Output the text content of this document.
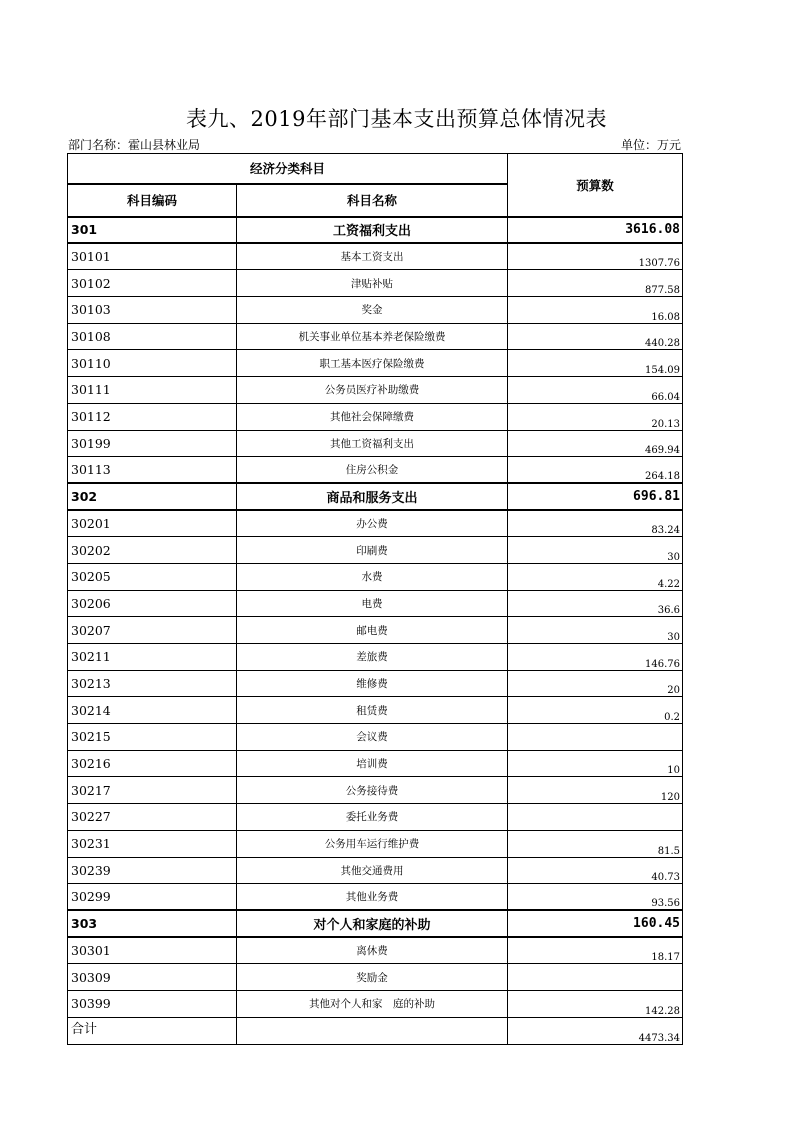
表九、2019年部门基本支出预算总体情况表
部门名称：霍山县林业局	单位：万元
经济分类科目		预算数
科目编码	科目名称	
301	工资福利支出	3616.08
30101	基本工资支出	1307.76
30102	津贴补贴	877.58
30103	奖金	16.08
30108	机关事业单位基本养老保险缴费	440.28
30110	职工基本医疗保险缴费	154.09
30111	公务员医疗补助缴费	66.04
30112	其他社会保障缴费	20.13
30199	其他工资福利支出	469.94
30113	住房公积金	264.18
302	商品和服务支出	696.81
30201	办公费	83.24
30202	印刷费	30
30205	水费	4.22
30206	电费	36.6
30207	邮电费	30
30211	差旅费	146.76
30213	维修费	20
30214	租赁费	0.2
30215	会议费	
30216	培训费	10
30217	公务接待费	120
30227	委托业务费	
30231	公务用车运行维护费	81.5
30239	其他交通费用	40.73
30299	其他业务费	93.56
303	对个人和家庭的补助	160.45
30301	离休费	18.17
30309	奖励金	
30399	其他对个人和家　庭的补助	142.28
合计		4473.34
